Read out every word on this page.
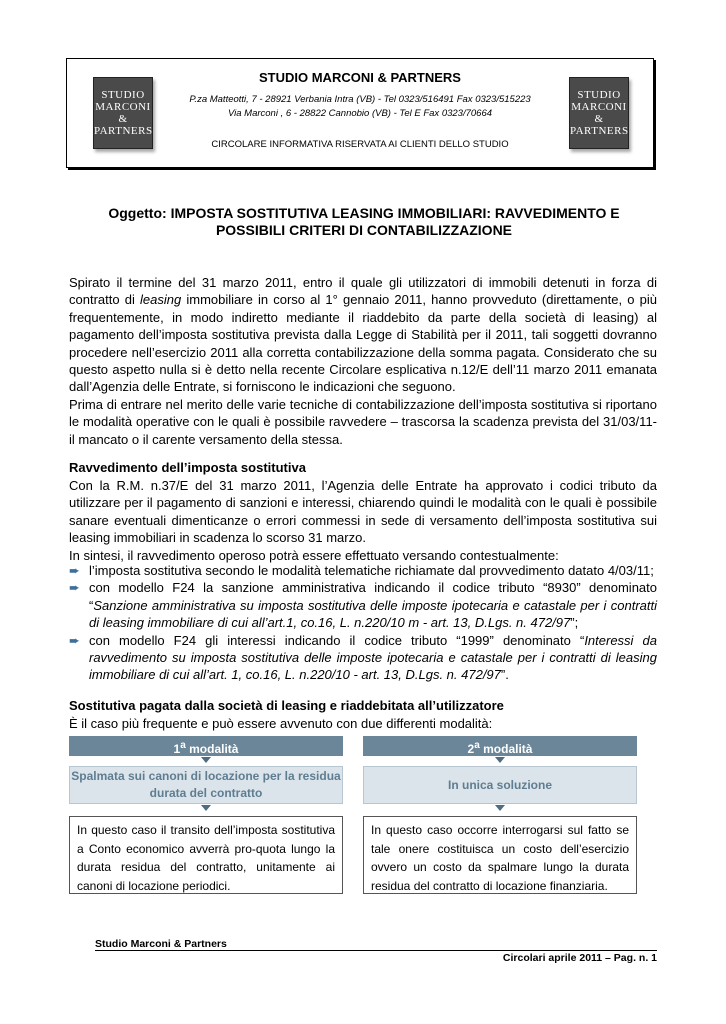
STUDIO
MARCONI
& PARTNERS
STUDIO MARCONI & PARTNERS
P.za Matteotti, 7 - 28921 Verbania Intra (VB) - Tel 0323/516491 Fax 0323/515223
Via Marconi , 6 - 28822 Cannobio (VB) - Tel E Fax 0323/70664
CIRCOLARE INFORMATIVA RISERVATA AI CLIENTI DELLO STUDIO
STUDIO
MARCONI
& PARTNERS
Oggetto: IMPOSTA SOSTITUTIVA LEASING IMMOBILIARI: RAVVEDIMENTO E POSSIBILI CRITERI DI CONTABILIZZAZIONE
Spirato il termine del 31 marzo 2011, entro il quale gli utilizzatori di immobili detenuti in forza di contratto di leasing immobiliare in corso al 1° gennaio 2011, hanno provveduto (direttamente, o più frequentemente, in modo indiretto mediante il riaddebito da parte della società di leasing) al pagamento dell’imposta sostitutiva prevista dalla Legge di Stabilità per il 2011, tali soggetti dovranno procedere nell’esercizio 2011 alla corretta contabilizzazione della somma pagata. Considerato che su questo aspetto nulla si è detto nella recente Circolare esplicativa n.12/E dell’11 marzo 2011 emanata dall’Agenzia delle Entrate, si forniscono le indicazioni che seguono.
Prima di entrare nel merito delle varie tecniche di contabilizzazione dell’imposta sostitutiva si riportano le modalità operative con le quali è possibile ravvedere – trascorsa la scadenza prevista del 31/03/11- il mancato o il carente versamento della stessa.
Ravvedimento dell’imposta sostitutiva
Con la R.M. n.37/E del 31 marzo 2011, l’Agenzia delle Entrate ha approvato i codici tributo da utilizzare per il pagamento di sanzioni e interessi, chiarendo quindi le modalità con le quali è possibile sanare eventuali dimenticanze o errori commessi in sede di versamento dell’imposta sostitutiva sui leasing immobiliari in scadenza lo scorso 31 marzo.
In sintesi, il ravvedimento operoso potrà essere effettuato versando contestualmente:
➨ l’imposta sostitutiva secondo le modalità telematiche richiamate dal provvedimento datato 4/03/11;
➨ con modello F24 la sanzione amministrativa indicando il codice tributo “8930” denominato “Sanzione amministrativa su imposta sostitutiva delle imposte ipotecaria e catastale per i contratti di leasing immobiliare di cui all’art.1, co.16, L. n.220/10 m - art. 13, D.Lgs. n. 472/97”;
➨ con modello F24 gli interessi indicando il codice tributo “1999” denominato “Interessi da ravvedimento su imposta sostitutiva delle imposte ipotecaria e catastale per i contratti di leasing immobiliare di cui all’art. 1, co.16, L. n.220/10 - art. 13, D.Lgs. n. 472/97”.
Sostitutiva pagata dalla società di leasing e riaddebitata all’utilizzatore
È il caso più frequente e può essere avvenuto con due differenti modalità:
1$^a$ modalità
Spalmata sui canoni di locazione per la residua durata del contratto
In questo caso il transito dell’imposta sostitutiva a Conto economico avverrà pro-quota lungo la durata residua del contratto, unitamente ai canoni di locazione periodici.
2$^a$ modalità
In unica soluzione
In questo caso occorre interrogarsi sul fatto se tale onere costituisca un costo dell’esercizio ovvero un costo da spalmare lungo la durata residua del contratto di locazione finanziaria.
Studio Marconi & Partners
Circolari aprile 2011 – Pag. n. 1
